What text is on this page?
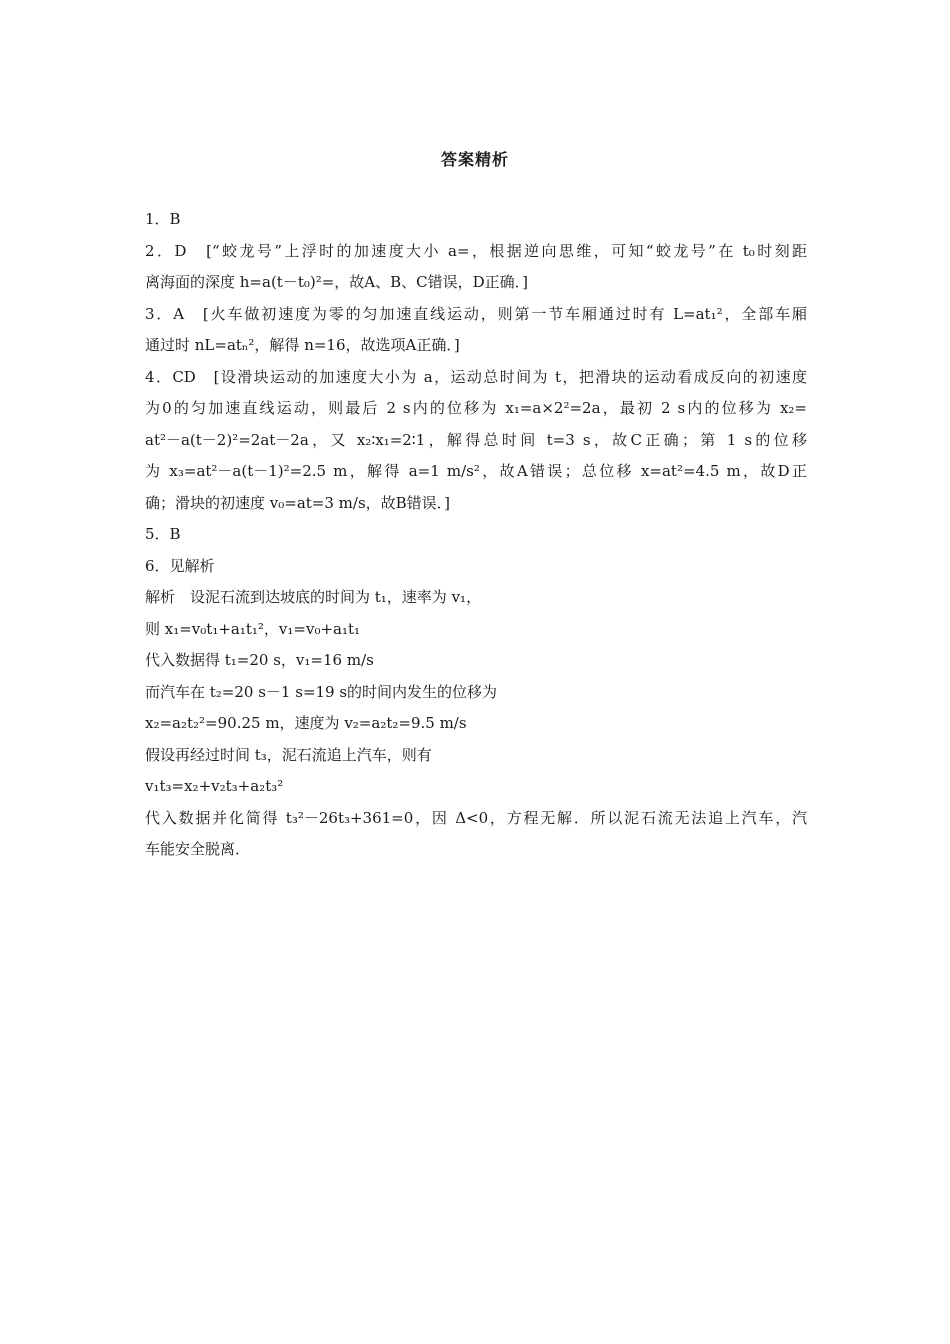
答案精析
1．B
2．D　[“蛟龙号”上浮时的加速度大小 a=，根据逆向思维，可知“蛟龙号”在 t₀时刻距
离海面的深度 h=a(t－t₀)²=，故A、B、C错误，D正确．]
3．A　[火车做初速度为零的匀加速直线运动，则第一节车厢通过时有 L=at₁²，全部车厢
通过时 nL=atₙ²，解得 n=16，故选项A正确．]
4．CD　[设滑块运动的加速度大小为 a，运动总时间为 t，把滑块的运动看成反向的初速度
为0的匀加速直线运动，则最后 2 s内的位移为 x₁=a×2²=2a，最初 2 s内的位移为 x₂=
at²－a(t－2)²=2at－2a，又 x₂∶x₁=2∶1，解得总时间 t=3 s，故C正确；第 1 s的位移
为 x₃=at²－a(t－1)²=2.5 m，解得 a=1 m/s²，故A错误；总位移 x=at²=4.5 m，故D正
确；滑块的初速度 v₀=at=3 m/s，故B错误．]
5．B
6．见解析
解析　设泥石流到达坡底的时间为 t₁，速率为 v₁，
则 x₁=v₀t₁+a₁t₁²，v₁=v₀+a₁t₁
代入数据得 t₁=20 s，v₁=16 m/s
而汽车在 t₂=20 s－1 s=19 s的时间内发生的位移为
x₂=a₂t₂²=90.25 m，速度为 v₂=a₂t₂=9.5 m/s
假设再经过时间 t₃，泥石流追上汽车，则有
v₁t₃=x₂+v₂t₃+a₂t₃²
代入数据并化简得 t₃²－26t₃+361=0，因 Δ<0，方程无解．所以泥石流无法追上汽车，汽
车能安全脱离．
